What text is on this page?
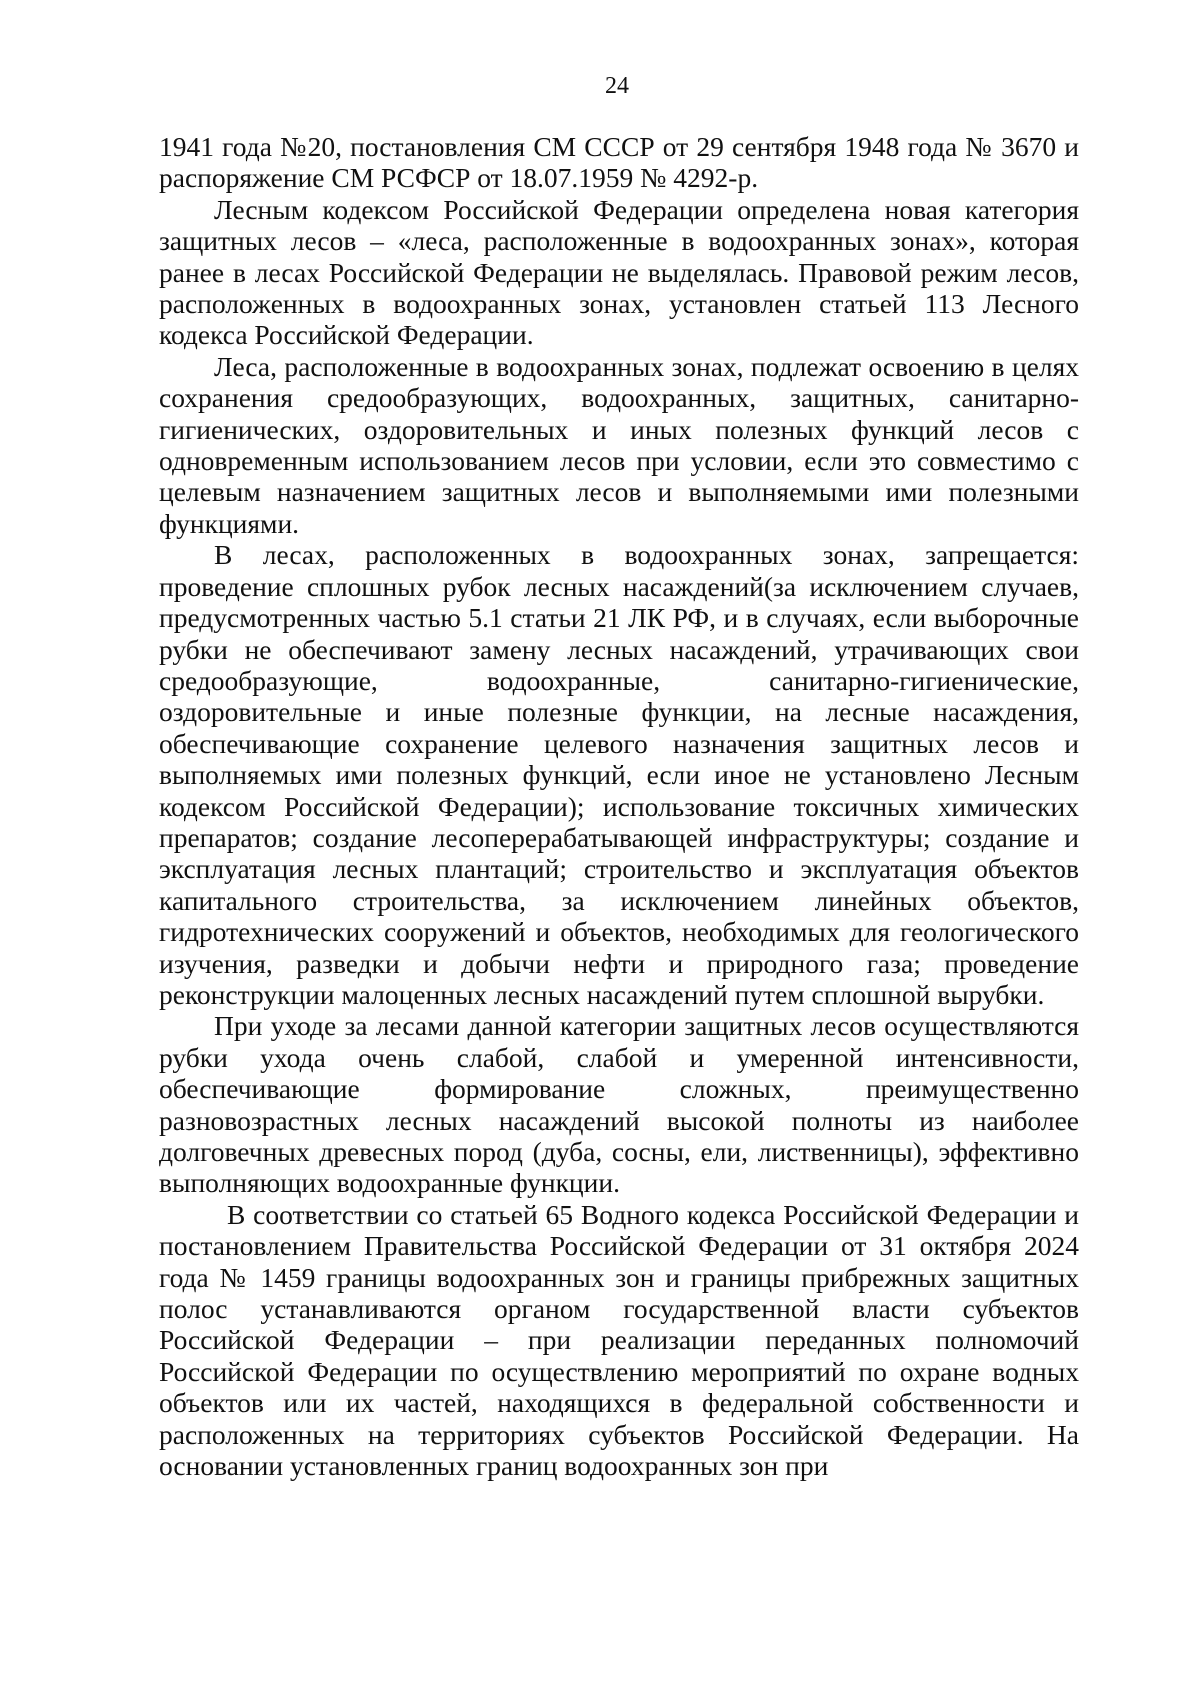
24

1941 года №20, постановления СМ СССР от 29 сентября 1948 года № 3670 и распоряжение СМ РСФСР от 18.07.1959 № 4292-р.

Лесным кодексом Российской Федерации определена новая категория защитных лесов – «леса, расположенные в водоохранных зонах», которая ранее в лесах Российской Федерации не выделялась. Правовой режим лесов, расположенных в водоохранных зонах, установлен статьей 113 Лесного кодекса Российской Федерации.

Леса, расположенные в водоохранных зонах, подлежат освоению в целях сохранения средообразующих, водоохранных, защитных, санитарно-гигиенических, оздоровительных и иных полезных функций лесов с одновременным использованием лесов при условии, если это совместимо с целевым назначением защитных лесов и выполняемыми ими полезными функциями.

В лесах, расположенных в водоохранных зонах, запрещается: проведение сплошных рубок лесных насаждений(за исключением случаев, предусмотренных частью 5.1 статьи 21 ЛК РФ, и в случаях, если выборочные рубки не обеспечивают замену лесных насаждений, утрачивающих свои средообразующие, водоохранные, санитарно-гигиенические, оздоровительные и иные полезные функции, на лесные насаждения, обеспечивающие сохранение целевого назначения защитных лесов и выполняемых ими полезных функций, если иное не установлено Лесным кодексом Российской Федерации); использование токсичных химических препаратов; создание лесоперерабатывающей инфраструктуры; создание и эксплуатация лесных плантаций; строительство и эксплуатация объектов капитального строительства, за исключением линейных объектов, гидротехнических сооружений и объектов, необходимых для геологического изучения, разведки и добычи нефти и природного газа; проведение реконструкции малоценных лесных насаждений путем сплошной вырубки.

При уходе за лесами данной категории защитных лесов осуществляются рубки ухода очень слабой, слабой и умеренной интенсивности, обеспечивающие формирование сложных, преимущественно разновозрастных лесных насаждений высокой полноты из наиболее долговечных древесных пород (дуба, сосны, ели, лиственницы), эффективно выполняющих водоохранные функции.

В соответствии со статьей 65 Водного кодекса Российской Федерации и постановлением Правительства Российской Федерации от 31 октября 2024 года № 1459 границы водоохранных зон и границы прибрежных защитных полос устанавливаются органом государственной власти субъектов Российской Федерации – при реализации переданных полномочий Российской Федерации по осуществлению мероприятий по охране водных объектов или их частей, находящихся в федеральной собственности и расположенных на территориях субъектов Российской Федерации. На основании установленных границ водоохранных зон при
